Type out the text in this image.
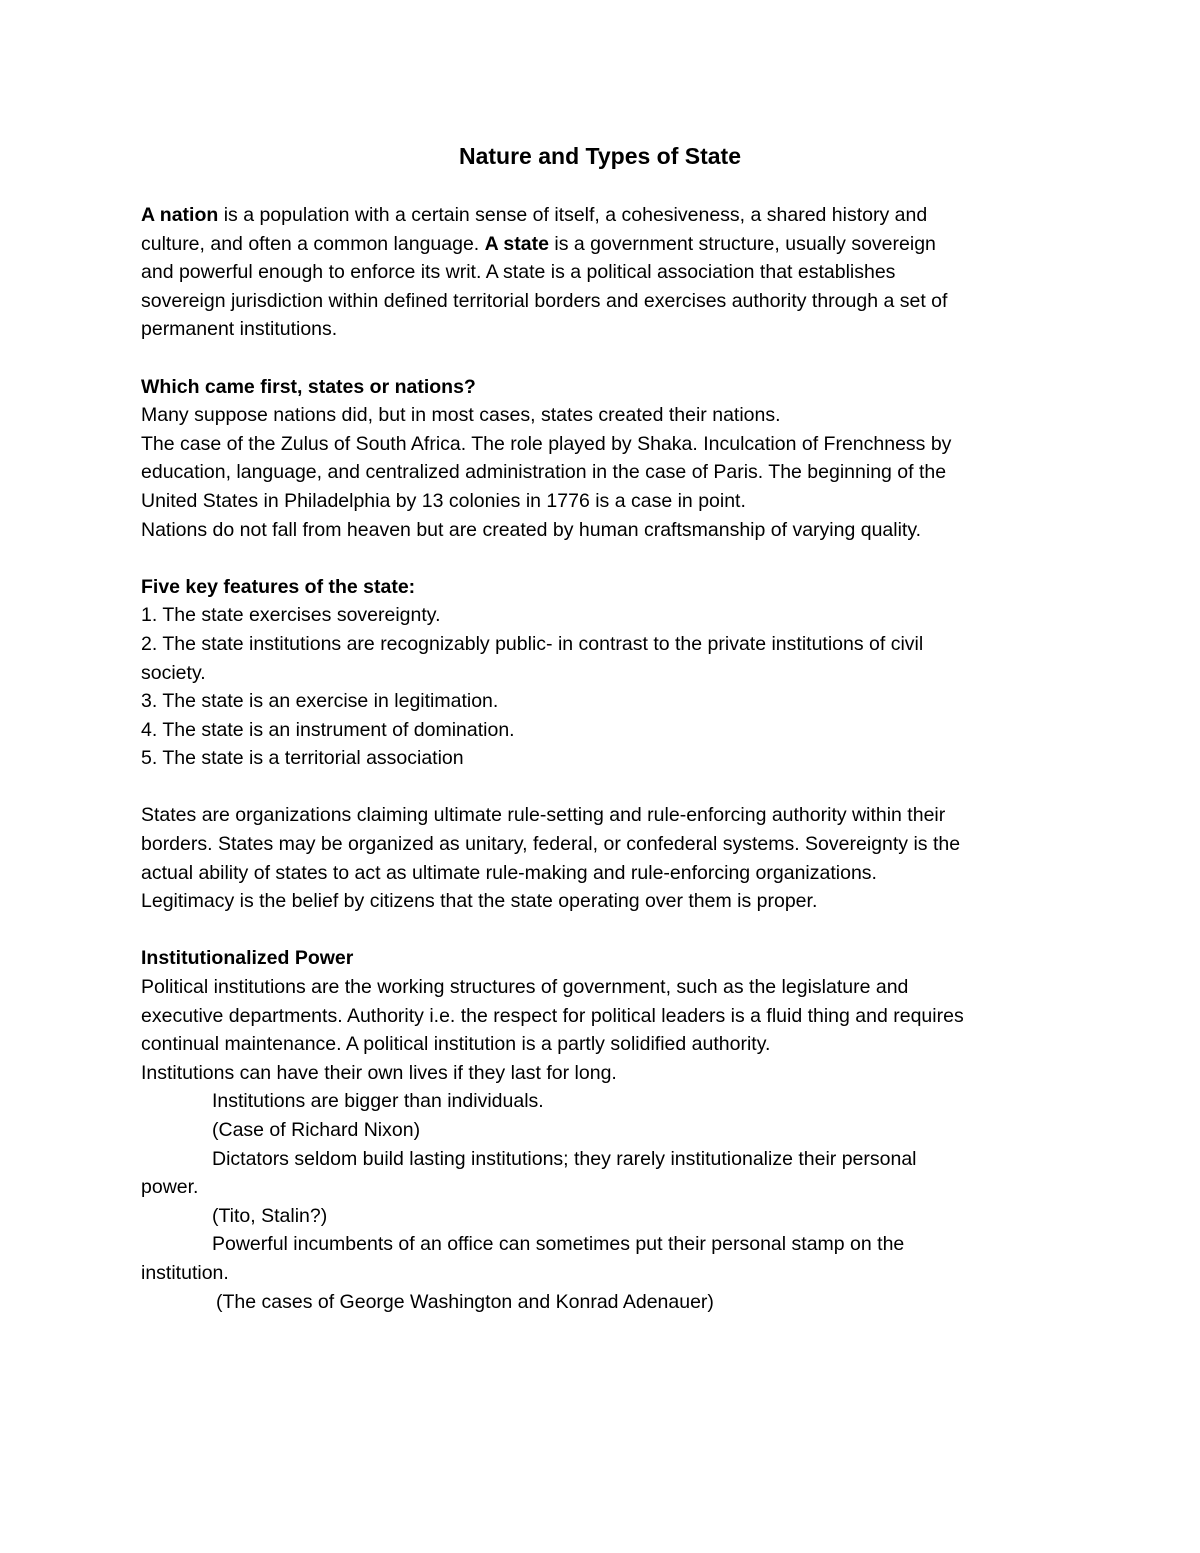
Nature and Types of State
A nation is a population with a certain sense of itself, a cohesiveness, a shared history and
culture, and often a common language. A state is a government structure, usually sovereign
and powerful enough to enforce its writ. A state is a political association that establishes
sovereign jurisdiction within defined territorial borders and exercises authority through a set of
permanent institutions.
Which came first, states or nations?
Many suppose nations did, but in most cases, states created their nations.
The case of the Zulus of South Africa. The role played by Shaka. Inculcation of Frenchness by
education, language, and centralized administration in the case of Paris. The beginning of the
United States in Philadelphia by 13 colonies in 1776 is a case in point.
Nations do not fall from heaven but are created by human craftsmanship of varying quality.
Five key features of the state:
1. The state exercises sovereignty.
2. The state institutions are recognizably public- in contrast to the private institutions of civil
society.
3. The state is an exercise in legitimation.
4. The state is an instrument of domination.
5. The state is a territorial association
States are organizations claiming ultimate rule-setting and rule-enforcing authority within their
borders. States may be organized as unitary, federal, or confederal systems. Sovereignty is the
actual ability of states to act as ultimate rule-making and rule-enforcing organizations.
Legitimacy is the belief by citizens that the state operating over them is proper.
Institutionalized Power
Political institutions are the working structures of government, such as the legislature and
executive departments. Authority i.e. the respect for political leaders is a fluid thing and requires
continual maintenance. A political institution is a partly solidified authority.
Institutions can have their own lives if they last for long.
Institutions are bigger than individuals.
(Case of Richard Nixon)
Dictators seldom build lasting institutions; they rarely institutionalize their personal
power.
(Tito, Stalin?)
Powerful incumbents of an office can sometimes put their personal stamp on the
institution.
(The cases of George Washington and Konrad Adenauer)
